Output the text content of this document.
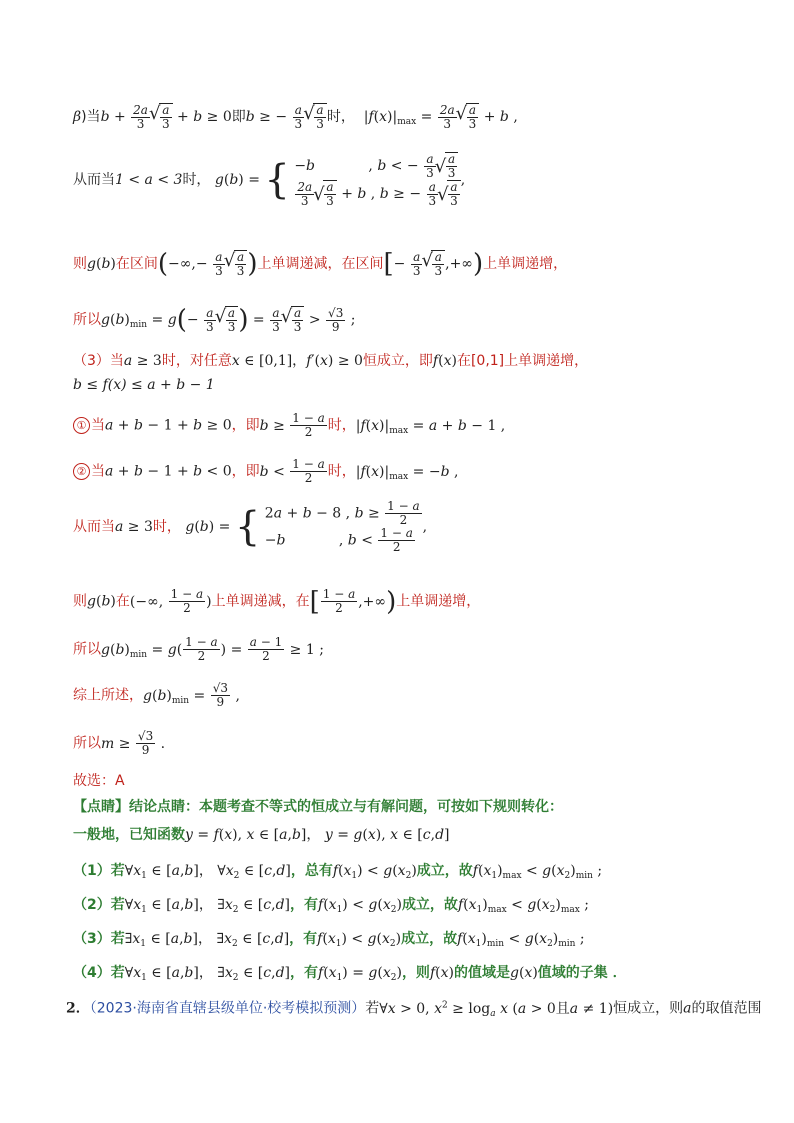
β)当$b + \frac{2a}{3}$ √ $\frac{a}{3} + b \ge 0$即b ≥ − $\frac{a}{3}$ √ $\frac{a}{3}$ 时，  $|f(x)|_{max} = \frac{2a}{3}$ √ $\frac{a}{3} + b$ ,
从而当1 < a < 3时， g(b) = { −b            , b < − $\frac{a}{3}$ √ $\frac{a}{3}$
$\frac{2a}{3}$ √ $\frac{a}{3} + b$ , b ≥ − $\frac{a}{3}$ √ $\frac{a}{3}$
,
则g(b)在区间(−∞,− $\frac{a}{3}$ √ $\frac{a}{3}$ )上单调递减，在区间[− $\frac{a}{3}$ √ $\frac{a}{3}$ ,+∞)上单调递增，
所以$g(b)_{min} = g(- \frac{a}{3}$ √ $\frac{a}{3}$ ) = $\frac{a}{3}$ √ $\frac{a}{3} > \frac{√3}{9}$ ;
（3）当a ≥ 3时，对任意x ∈ [0,1]，f′(x) ≥ 0恒成立，即f(x)在[0,1]上单调递增，
b ≤ f(x) ≤ a + b − 1
① 当a + b − 1 + b ≥ 0，即$b \ge \frac{1 - a}{2}$ 时，$|f(x)|_{max} = a + b - 1$ ,
② 当a + b − 1 + b < 0，即$b < \frac{1 - a}{2}$ 时，$|f(x)|_{max} = -b$ ,
从而当a ≥ 3时， g(b) = { 2a + b − 8 , $b \ge \frac{1 - a}{2}$
−b            , $b < \frac{1 - a}{2}$ ,
则g(b)在(−∞, $\frac{1 - a}{2}$ )上单调递减，在[ $\frac{1 - a}{2}$ ,+∞)上单调递增，
所以$g(b)_{min} = g( \frac{1 - a}{2}$ ) = $\frac{a - 1}{2} \ge 1$ ;
综上所述，$g(b)_{min} = \frac{√3}{9}$ ,
所以$m \ge \frac{√3}{9}$ .
故选：A
【点睛】结论点睛：本题考查不等式的恒成立与有解问题，可按如下规则转化：
一般地，已知函数y = f(x), x ∈ [a,b]， y = g(x), x ∈ [c,d]
（1）若$\forall x_1$ ∈ [a,b]， $\forall x_2$ ∈ [c,d]，总有$f(x_1) < g(x_2)$成立，故$f(x_1)_{max} < g(x_2)_{min}$ ;
（2）若$\forall x_1$ ∈ [a,b]， $\exists x_2$ ∈ [c,d]，有$f(x_1) < g(x_2)$成立，故$f(x_1)_{max} < g(x_2)_{max}$ ;
（3）若$\exists x_1$ ∈ [a,b]， $\exists x_2$ ∈ [c,d]，有$f(x_1) < g(x_2)$成立，故$f(x_1)_{min} < g(x_2)_{min}$ ;
（4）若$\forall x_1$ ∈ [a,b]， $\exists x_2$ ∈ [c,d]，有$f(x_1) = g(x_2)$，则f(x)的值域是g(x)值域的子集 ．
2．（2023·海南省直辖县级单位·校考模拟预测）若∀x > 0, $x^2 \ge \log_a x$ (a > 0且a ≠ 1)恒成立，则a的取值范围
